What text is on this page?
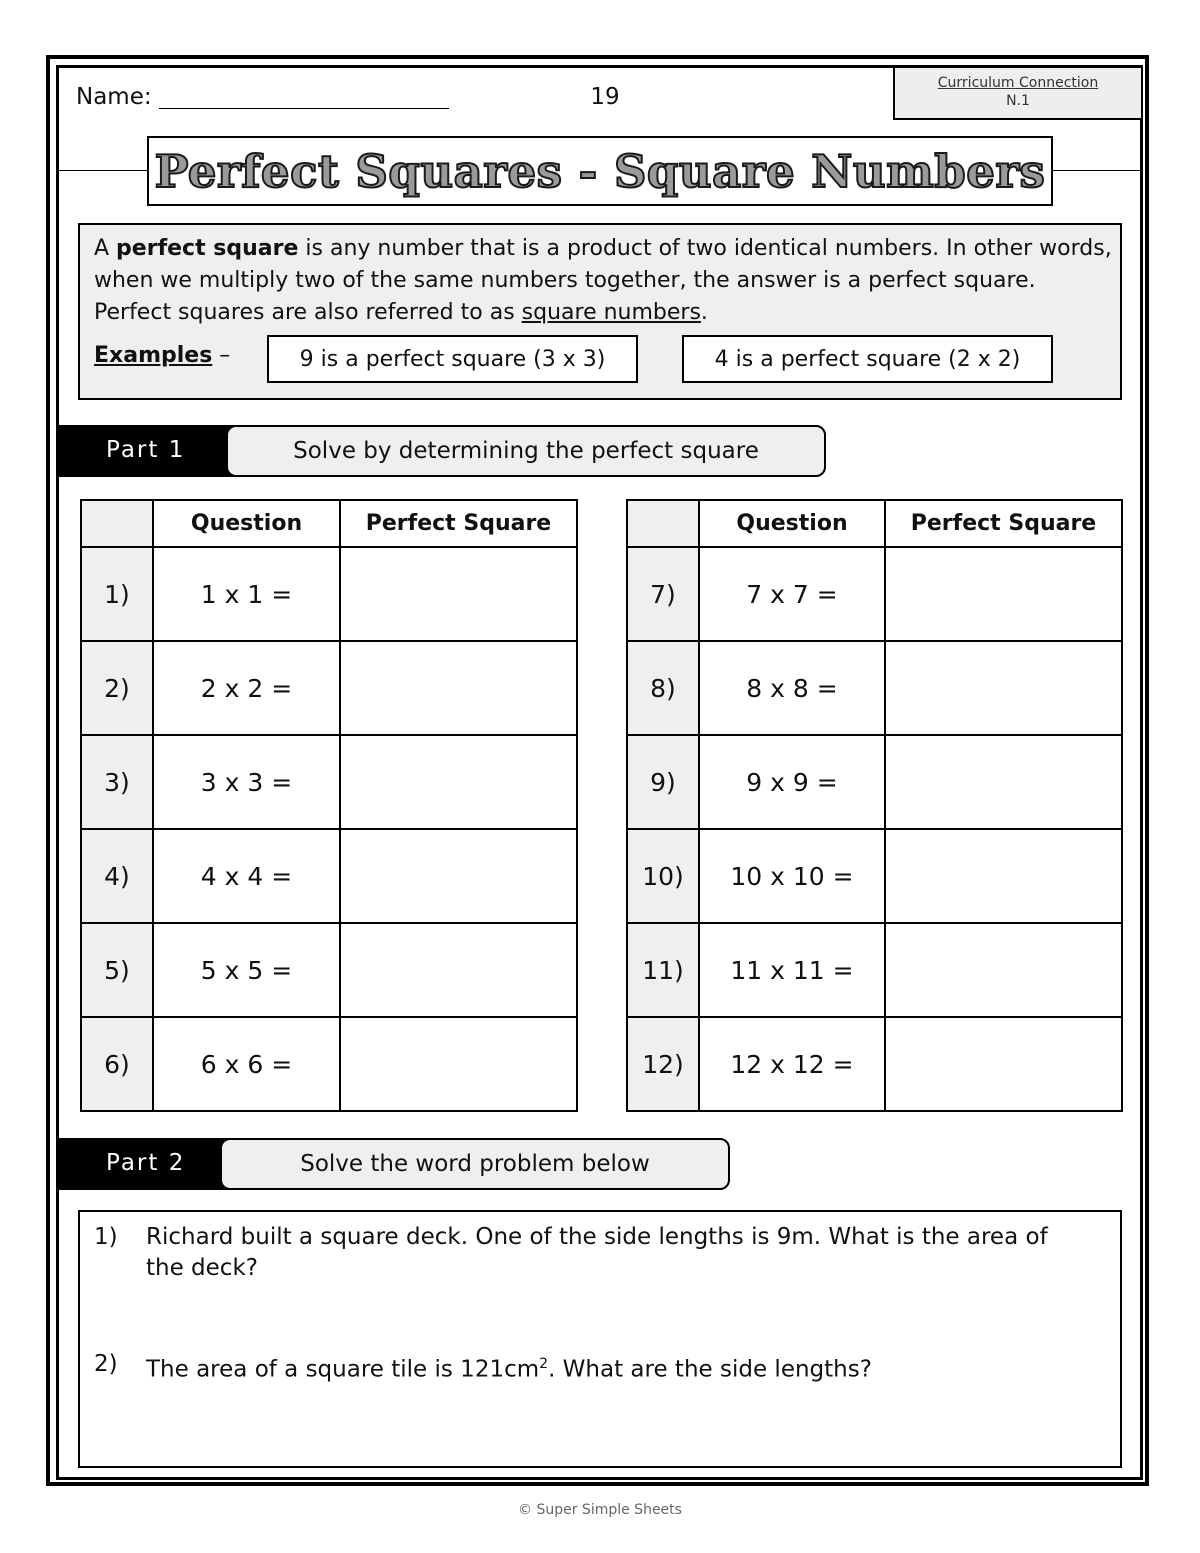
Name:	19
Curriculum Connection
N.1
Perfect Squares - Square Numbers
A perfect square is any number that is a product of two identical numbers. In other words, when we multiply two of the same numbers together, the answer is a perfect square. Perfect squares are also referred to as square numbers.
Examples –	9 is a perfect square (3 x 3)	4 is a perfect square (2 x 2)
Part 1	Solve by determining the perfect square
	Question	Perfect Square
1)	1 x 1 =	
2)	2 x 2 =	
3)	3 x 3 =	
4)	4 x 4 =	
5)	5 x 5 =	
6)	6 x 6 =	
	Question	Perfect Square
7)	7 x 7 =	
8)	8 x 8 =	
9)	9 x 9 =	
10)	10 x 10 =	
11)	11 x 11 =	
12)	12 x 12 =	
Part 2	Solve the word problem below
1)	Richard built a square deck. One of the side lengths is 9m. What is the area of the deck?
2)	The area of a square tile is $121cm^2$. What are the side lengths?
© Super Simple Sheets
